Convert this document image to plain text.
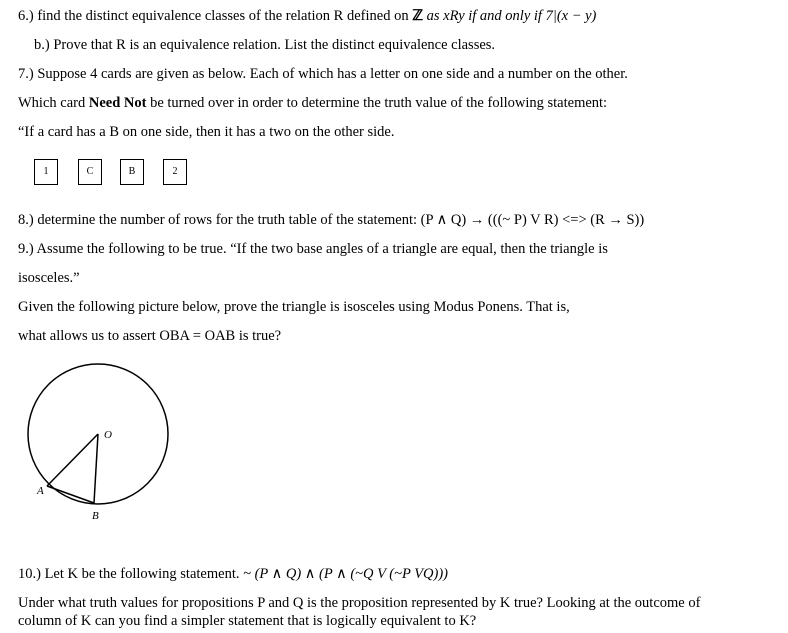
6.) find the distinct equivalence classes of the relation R defined on ℤ as xRy if and only if 7|(x − y)
b.) Prove that R is an equivalence relation. List the distinct equivalence classes.
7.) Suppose 4 cards are given as below. Each of which has a letter on one side and a number on the other.
Which card Need Not be turned over in order to determine the truth value of the following statement:
“If a card has a B on one side, then it has a two on the other side.
1	C	B	2
8.) determine the number of rows for the truth table of the statement: (P ∧ Q) → (((~ P) V R) <=> (R → S))
9.) Assume the following to be true. “If the two base angles of a triangle are equal, then the triangle is
isosceles.”
Given the following picture below, prove the triangle is isosceles using Modus Ponens. That is,
what allows us to assert OBA = OAB is true?
O
A
B
10.) Let K be the following statement. ~ (P ∧ Q) ∧ (P ∧ (~Q V (~P VQ)))
Under what truth values for propositions P and Q is the proposition represented by K true? Looking at the outcome of
column of K can you find a simpler statement that is logically equivalent to K?
